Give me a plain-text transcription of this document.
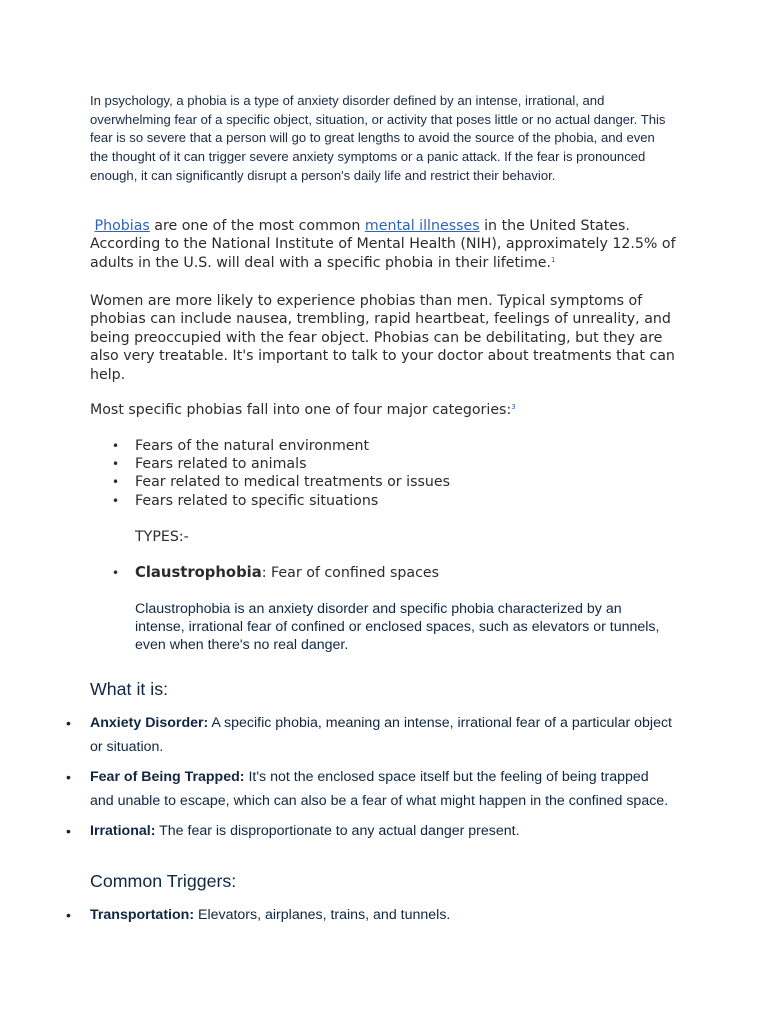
In psychology, a phobia is a type of anxiety disorder defined by an intense, irrational, and overwhelming fear of a specific object, situation, or activity that poses little or no actual danger. This fear is so severe that a person will go to great lengths to avoid the source of the phobia, and even the thought of it can trigger severe anxiety symptoms or a panic attack. If the fear is pronounced enough, it can significantly disrupt a person's daily life and restrict their behavior.

Phobias are one of the most common mental illnesses in the United States. According to the National Institute of Mental Health (NIH), approximately 12.5% of adults in the U.S. will deal with a specific phobia in their lifetime.$^1$

Women are more likely to experience phobias than men. Typical symptoms of phobias can include nausea, trembling, rapid heartbeat, feelings of unreality, and being preoccupied with the fear object. Phobias can be debilitating, but they are also very treatable. It's important to talk to your doctor about treatments that can help.

Most specific phobias fall into one of four major categories:$^3$

• Fears of the natural environment
• Fears related to animals
• Fear related to medical treatments or issues
• Fears related to specific situations

TYPES:-

• Claustrophobia: Fear of confined spaces

Claustrophobia is an anxiety disorder and specific phobia characterized by an intense, irrational fear of confined or enclosed spaces, such as elevators or tunnels, even when there's no real danger.

What it is:
• Anxiety Disorder: A specific phobia, meaning an intense, irrational fear of a particular object or situation.
• Fear of Being Trapped: It's not the enclosed space itself but the feeling of being trapped and unable to escape, which can also be a fear of what might happen in the confined space.
• Irrational: The fear is disproportionate to any actual danger present.
Common Triggers:
• Transportation: Elevators, airplanes, trains, and tunnels.
